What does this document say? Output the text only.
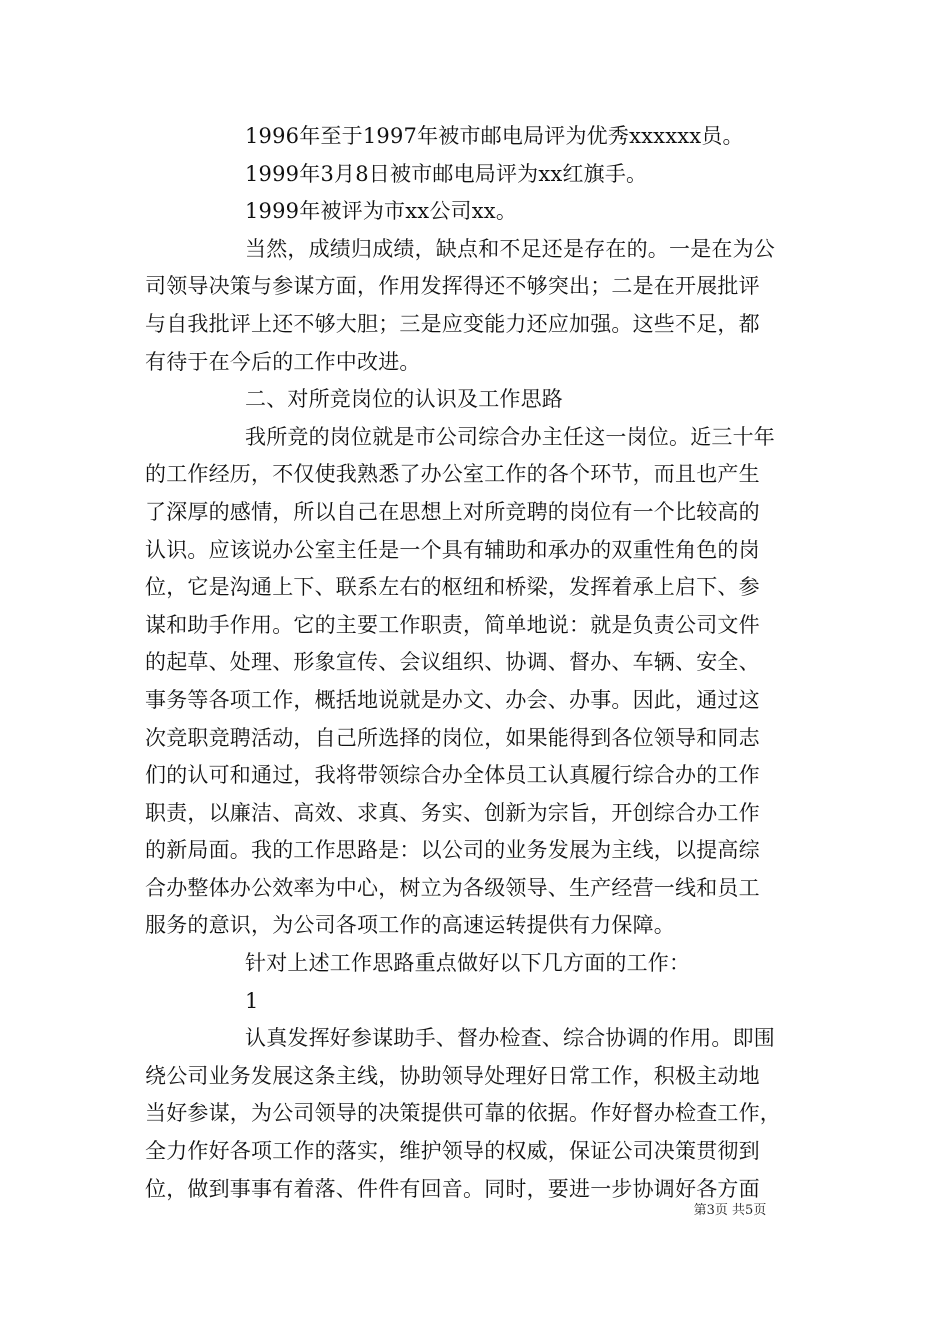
1996年至于1997年被市邮电局评为优秀xxxxxx员。
1999年3月8日被市邮电局评为xx红旗手。
1999年被评为市xx公司xx。
当然，成绩归成绩，缺点和不足还是存在的。一是在为公
司领导决策与参谋方面，作用发挥得还不够突出；二是在开展批评
与自我批评上还不够大胆；三是应变能力还应加强。这些不足，都
有待于在今后的工作中改进。
二、对所竞岗位的认识及工作思路
我所竞的岗位就是市公司综合办主任这一岗位。近三十年
的工作经历，不仅使我熟悉了办公室工作的各个环节，而且也产生
了深厚的感情，所以自己在思想上对所竞聘的岗位有一个比较高的
认识。应该说办公室主任是一个具有辅助和承办的双重性角色的岗
位，它是沟通上下、联系左右的枢纽和桥梁，发挥着承上启下、参
谋和助手作用。它的主要工作职责，简单地说：就是负责公司文件
的起草、处理、形象宣传、会议组织、协调、督办、车辆、安全、
事务等各项工作，概括地说就是办文、办会、办事。因此，通过这
次竞职竞聘活动，自己所选择的岗位，如果能得到各位领导和同志
们的认可和通过，我将带领综合办全体员工认真履行综合办的工作
职责，以廉洁、高效、求真、务实、创新为宗旨，开创综合办工作
的新局面。我的工作思路是：以公司的业务发展为主线，以提高综
合办整体办公效率为中心，树立为各级领导、生产经营一线和员工
服务的意识，为公司各项工作的高速运转提供有力保障。
针对上述工作思路重点做好以下几方面的工作：
1
认真发挥好参谋助手、督办检查、综合协调的作用。即围
绕公司业务发展这条主线，协助领导处理好日常工作，积极主动地
当好参谋，为公司领导的决策提供可靠的依据。作好督办检查工作，
全力作好各项工作的落实，维护领导的权威，保证公司决策贯彻到
位，做到事事有着落、件件有回音。同时，要进一步协调好各方面
第3页 共5页
